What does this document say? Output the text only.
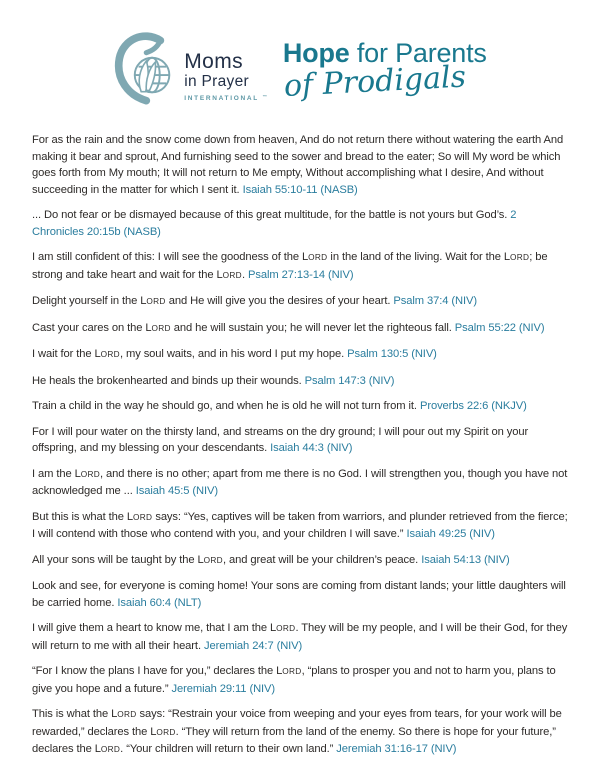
Moms
in Prayer
INTERNATIONAL ™
Hope for Parents
of Prodigals

For as the rain and the snow come down from heaven, And do not return there without watering the earth And making it bear and sprout, And furnishing seed to the sower and bread to the eater; So will My word be which goes forth from My mouth; It will not return to Me empty, Without accomplishing what I desire, And without succeeding in the matter for which I sent it. Isaiah 55:10-11 (NASB)

... Do not fear or be dismayed because of this great multitude, for the battle is not yours but God’s. 2 Chronicles 20:15b (NASB)

I am still confident of this: I will see the goodness of the LORD in the land of the living. Wait for the LORD; be strong and take heart and wait for the LORD. Psalm 27:13-14 (NIV)

Delight yourself in the LORD and He will give you the desires of your heart. Psalm 37:4 (NIV)

Cast your cares on the LORD and he will sustain you; he will never let the righteous fall. Psalm 55:22 (NIV)

I wait for the LORD, my soul waits, and in his word I put my hope. Psalm 130:5 (NIV)

He heals the brokenhearted and binds up their wounds. Psalm 147:3 (NIV)

Train a child in the way he should go, and when he is old he will not turn from it. Proverbs 22:6 (NKJV)

For I will pour water on the thirsty land, and streams on the dry ground; I will pour out my Spirit on your offspring, and my blessing on your descendants. Isaiah 44:3 (NIV)

I am the LORD, and there is no other; apart from me there is no God. I will strengthen you, though you have not acknowledged me ... Isaiah 45:5 (NIV)

But this is what the LORD says: “Yes, captives will be taken from warriors, and plunder retrieved from the fierce; I will contend with those who contend with you, and your children I will save.” Isaiah 49:25 (NIV)

All your sons will be taught by the LORD, and great will be your children’s peace. Isaiah 54:13 (NIV)

Look and see, for everyone is coming home! Your sons are coming from distant lands; your little daughters will be carried home. Isaiah 60:4 (NLT)

I will give them a heart to know me, that I am the LORD. They will be my people, and I will be their God, for they will return to me with all their heart. Jeremiah 24:7 (NIV)

“For I know the plans I have for you,” declares the LORD, “plans to prosper you and not to harm you, plans to give you hope and a future.” Jeremiah 29:11 (NIV)

This is what the LORD says: “Restrain your voice from weeping and your eyes from tears, for your work will be rewarded,” declares the LORD. “They will return from the land of the enemy. So there is hope for your future,” declares the LORD. “Your children will return to their own land.” Jeremiah 31:16-17 (NIV)
